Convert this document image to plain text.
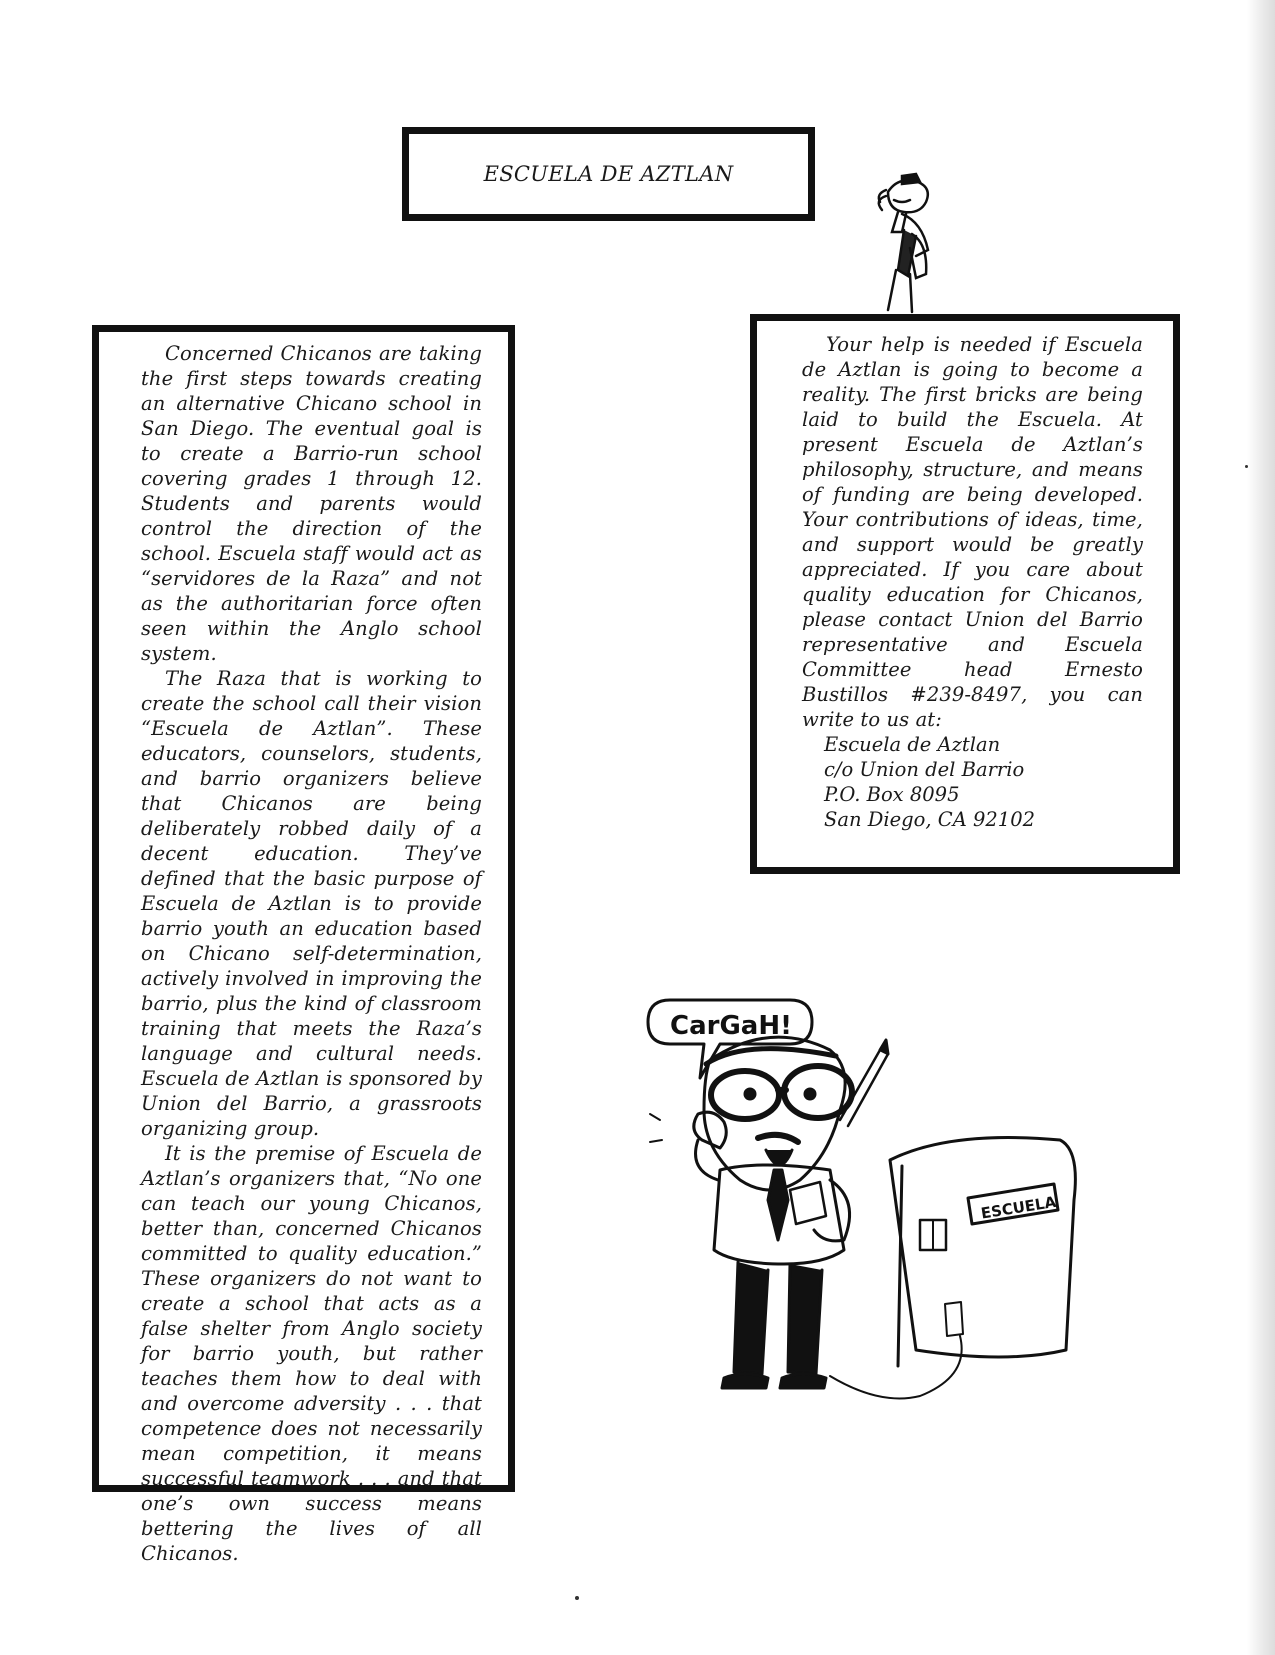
ESCUELA DE AZTLAN

Concerned Chicanos are taking the first steps towards creating an alternative Chicano school in San Diego. The eventual goal is to create a Barrio-run school covering grades 1 through 12. Students and parents would control the direction of the school. Escuela staff would act as “servidores de la Raza” and not as the authoritarian force often seen within the Anglo school system.

The Raza that is working to create the school call their vision “Escuela de Aztlan”. These educators, counselors, students, and barrio organizers believe that Chicanos are being deliberately robbed daily of a decent education. They’ve defined that the basic purpose of Escuela de Aztlan is to provide barrio youth an education based on Chicano self-determination, actively involved in improving the barrio, plus the kind of classroom training that meets the Raza’s language and cultural needs. Escuela de Aztlan is sponsored by Union del Barrio, a grassroots organizing group.

It is the premise of Escuela de Aztlan’s organizers that, “No one can teach our young Chicanos, better than, concerned Chicanos committed to quality education.” These organizers do not want to create a school that acts as a false shelter from Anglo society for barrio youth, but rather teaches them how to deal with and overcome adversity . . . that competence does not necessarily mean competition, it means successful teamwork . . . and that one’s own success means bettering the lives of all Chicanos.

Your help is needed if Escuela de Aztlan is going to become a reality. The first bricks are being laid to build the Escuela. At present Escuela de Aztlan’s philosophy, structure, and means of funding are being developed. Your contributions of ideas, time, and support would be greatly appreciated. If you care about quality education for Chicanos, please contact Union del Barrio representative and Escuela Committee head Ernesto Bustillos #239-8497, you can write to us at:

Escuela de Aztlan

c/o Union del Barrio

P.O. Box 8095

San Diego, CA 92102

CarGaH!
ESCUELA
